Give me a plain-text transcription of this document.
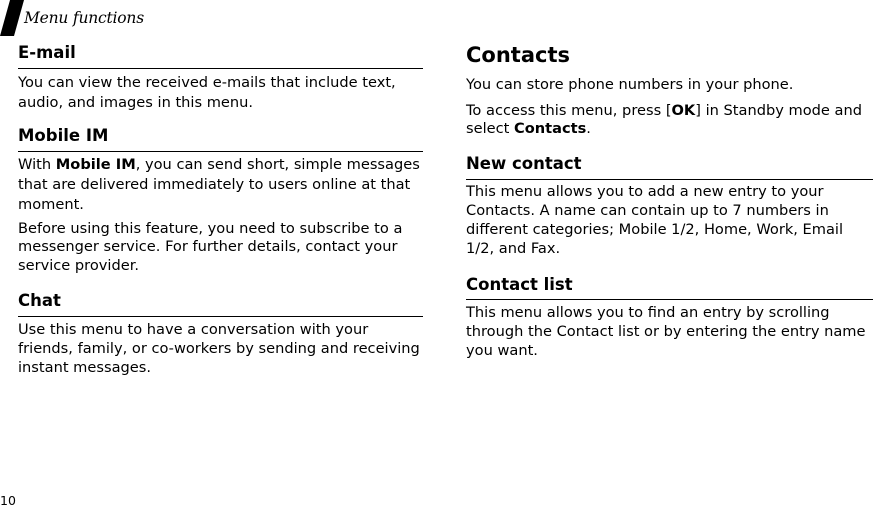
Menu functions
E-mail
You can view the received e-mails that include text,
audio, and images in this menu.
Mobile IM
With Mobile IM, you can send short, simple messages
that are delivered immediately to users online at that
moment.
Before using this feature, you need to subscribe to a
messenger service. For further details, contact your
service provider.
Chat
Use this menu to have a conversation with your
friends, family, or co-workers by sending and receiving
instant messages.
Contacts
You can store phone numbers in your phone.
To access this menu, press [OK] in Standby mode and
select Contacts.
New contact
This menu allows you to add a new entry to your
Contacts. A name can contain up to 7 numbers in
different categories; Mobile 1/2, Home, Work, Email
1/2, and Fax.
Contact list
This menu allows you to find an entry by scrolling
through the Contact list or by entering the entry name
you want.
10
